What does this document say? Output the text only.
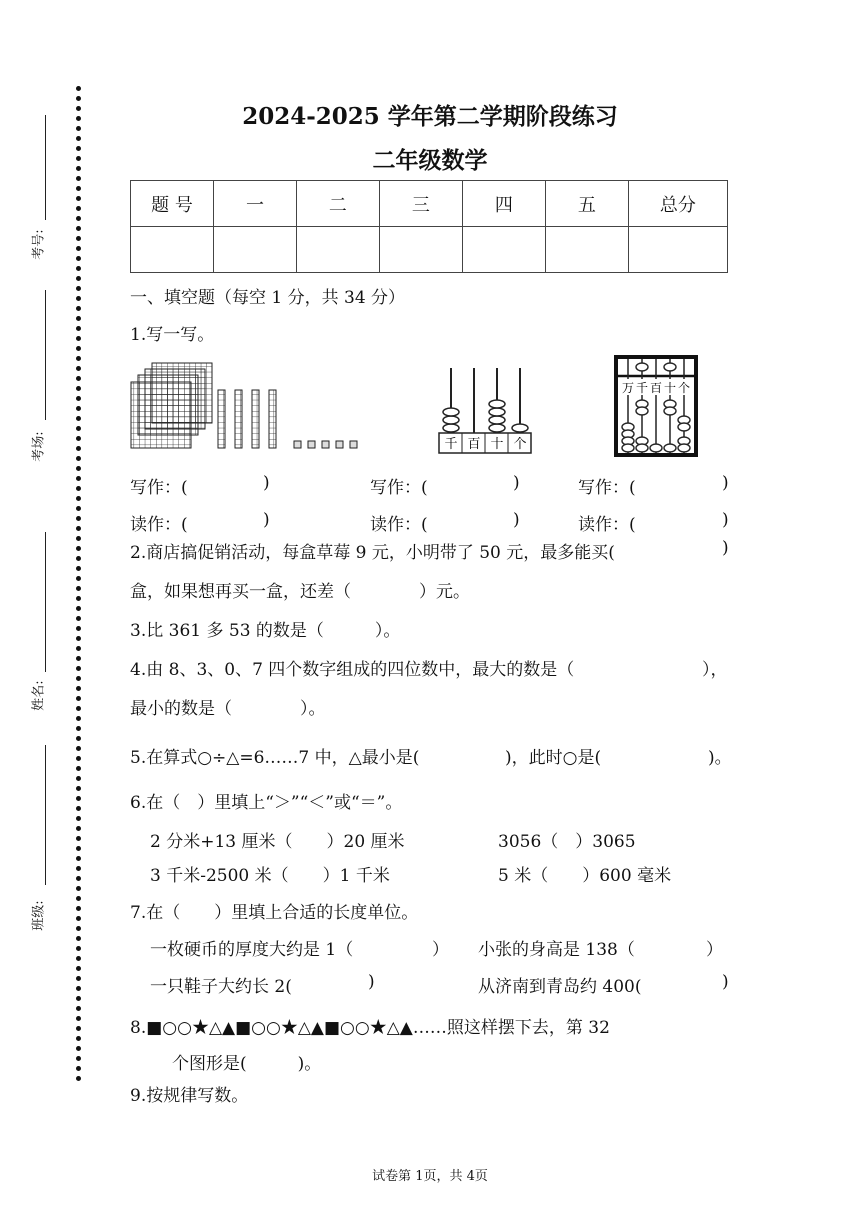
考号:
考场:
姓名:
班级:
2024-2025 学年第二学期阶段练习
二年级数学
题 号	一	二	三	四	五	总分

一、填空题（每空 1 分，共 34 分）
1.写一写。
千 百 十 个
万 千 百 十 个
写作：(	)	写作：(	)	写作：(	)
读作：(	)	读作：(	)	读作：(	)
2.商店搞促销活动，每盒草莓 9 元，小明带了 50 元，最多能买(	)
盒，如果想再买一盒，还差（　　　　）元。
3.比 361 多 53 的数是（　　　）。
4.由 8、3、0、7 四个数字组成的四位数中，最大的数是（	），
最小的数是（　　　　）。
5.在算式○÷△=6……7 中，△最小是(	)，此时○是(	)。
6.在（　）里填上“＞”“＜”或“＝”。
2 分米+13 厘米（　　）20 厘米	3056（　）3065
3 千米-2500 米（　　）1 千米	5 米（　　）600 毫米
7.在（　　）里填上合适的长度单位。
一枚硬币的厚度大约是 1（	） 小张的身高是 138（	）
一只鞋子大约长 2(	)	从济南到青岛约 400(	)
8.■○○★△▲■○○★△▲■○○★△▲……照这样摆下去，第 32
个图形是(　　　)。
9.按规律写数。
试卷第 1页，共 4页
